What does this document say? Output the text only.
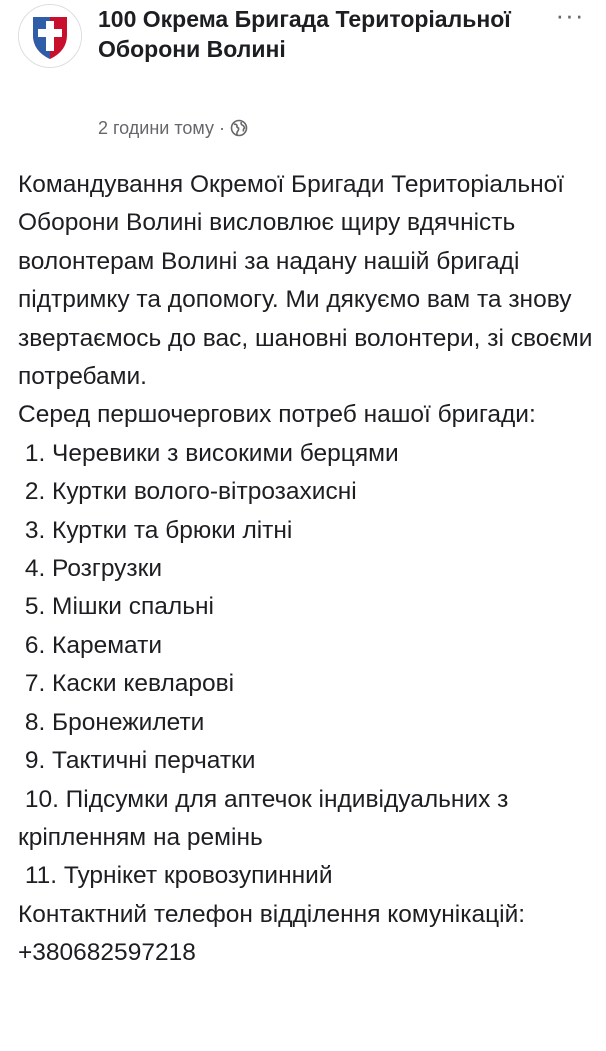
100 Окрема Бригада Територіальної Оборони Волині
2 години тому ·
···

Командування Окремої Бригади Територіальної Оборони Волині висловлює щиру вдячність волонтерам Волині за надану нашій бригаді підтримку та допомогу. Ми дякуємо вам та знову звертаємось до вас, шановні волонтери, зі своєми потребами.

Серед першочергових потреб нашої бригади:

1. Черевики з високими берцями
2. Куртки волого-вітрозахисні
3. Куртки та брюки літні
4. Розгрузки
5. Мішки спальні
6. Каремати
7. Каски кевларові
8. Бронежилети
9. Тактичні перчатки
10. Підсумки для аптечок індивідуальних з кріпленням на ремінь
11. Турнікет кровозупинний

Контактний телефон відділення комунікацій:

+380682597218
